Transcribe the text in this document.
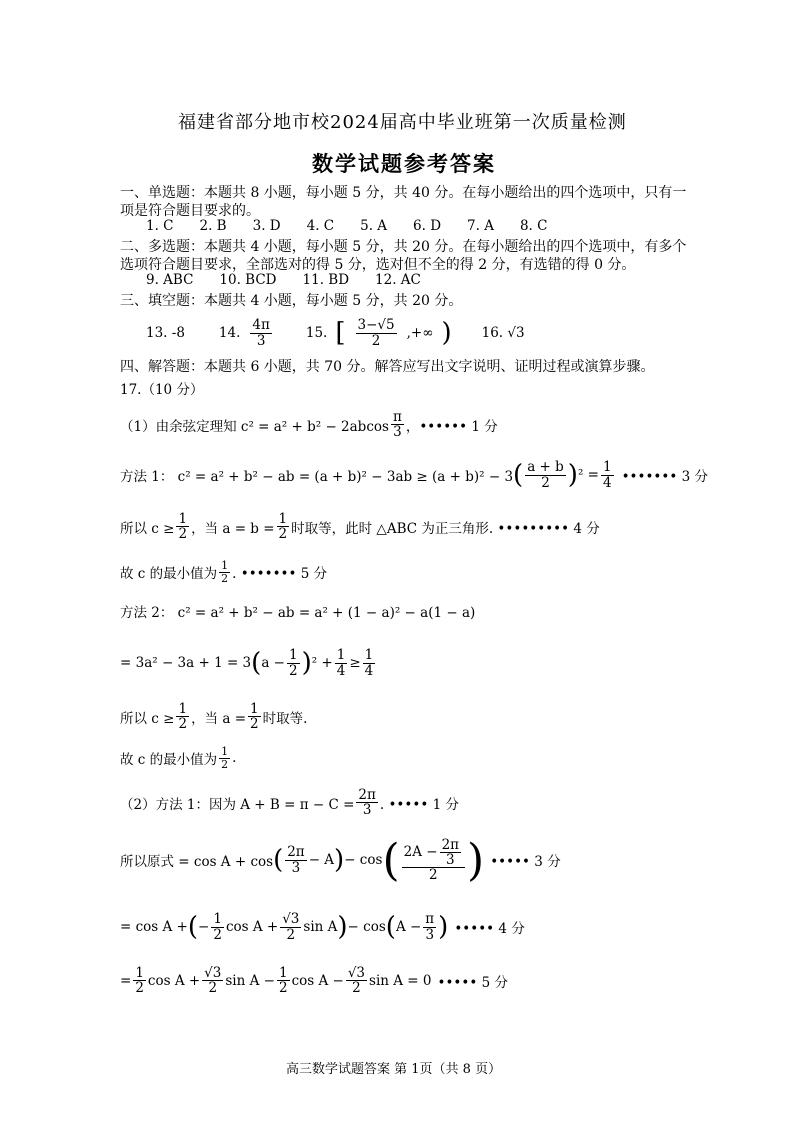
福建省部分地市校2024届高中毕业班第一次质量检测
数学试题参考答案
一、单选题：本题共 8 小题，每小题 5 分，共 40 分。在每小题给出的四个选项中，只有一
项是符合题目要求的。
1. C 2. B 3. D 4. C 5. A 6. D 7. A 8. C
二、多选题：本题共 4 小题，每小题 5 分，共 20 分。在每小题给出的四个选项中，有多个
选项符合题目要求，全部选对的得 5 分，选对但不全的得 2 分，有选错的得 0 分。
9. ABC 10. BCD 11. BD 12. AC
三、填空题：本题共 4 小题，每小题 5 分，共 20 分。
13. -8	14. $\frac{4\pi}{3}$	15. [ $\frac{3-√5}{2}$ ,+∞ ) 16. √3
四、解答题：本题共 6 小题，共 70 分。解答应写出文字说明、证明过程或演算步骤。
17.（10 分）
（1）由余弦定理知 $c^2 = a^2 + b^2 - 2abcos \frac{\pi}{3}$ ，•••••• 1 分
方法 1： c² = a² + b² − ab = (a + b)² − 3ab ≥ (a + b)² − 3 ( $\frac{a + b}{2}$ ) $^2 = \frac{1}{4}$ ••••••• 3 分
所以 $c \ge \frac{1}{2}$ ，当 $a = b = \frac{1}{2}$ 时取等，此时 △ABC 为正三角形. ••••••••• 4 分
故 c 的最小值为 $\frac{1}{2}$ . ••••••• 5 分
方法 2： c² = a² + b² − ab = a² + (1 − a)² − a(1 − a)
= 3a² − 3a + 1 = 3 ( $a - \frac{1}{2}$ ) $^2 + \frac{1}{4} \ge \frac{1}{4}$
所以 $c \ge \frac{1}{2}$ ，当 $a = \frac{1}{2}$ 时取等.
故 c 的最小值为 $\frac{1}{2}$ .
（2）方法 1：因为 $A + B = \pi - C = \frac{2\pi}{3}$ . ••••• 1 分
所以原式 = cos A + cos ( $\frac{2\pi}{3} - A$ ) − cos ( $\frac{2A - \frac{2\pi}{3}}{2}$ ) ••••• 3 分
= cos A + ( − $\frac{1}{2}$ $\cos A + \frac{√3}{2}$ sin A ) − cos ( $A - \frac{\pi}{3}$ ) ••••• 4 分
= $\frac{1}{2}$ $\cos A + \frac{√3}{2}$ $\sin A - \frac{1}{2}$ $\cos A - \frac{√3}{2}$ sin A = 0 ••••• 5 分
高三数学试题答案 第 1页（共 8 页）
